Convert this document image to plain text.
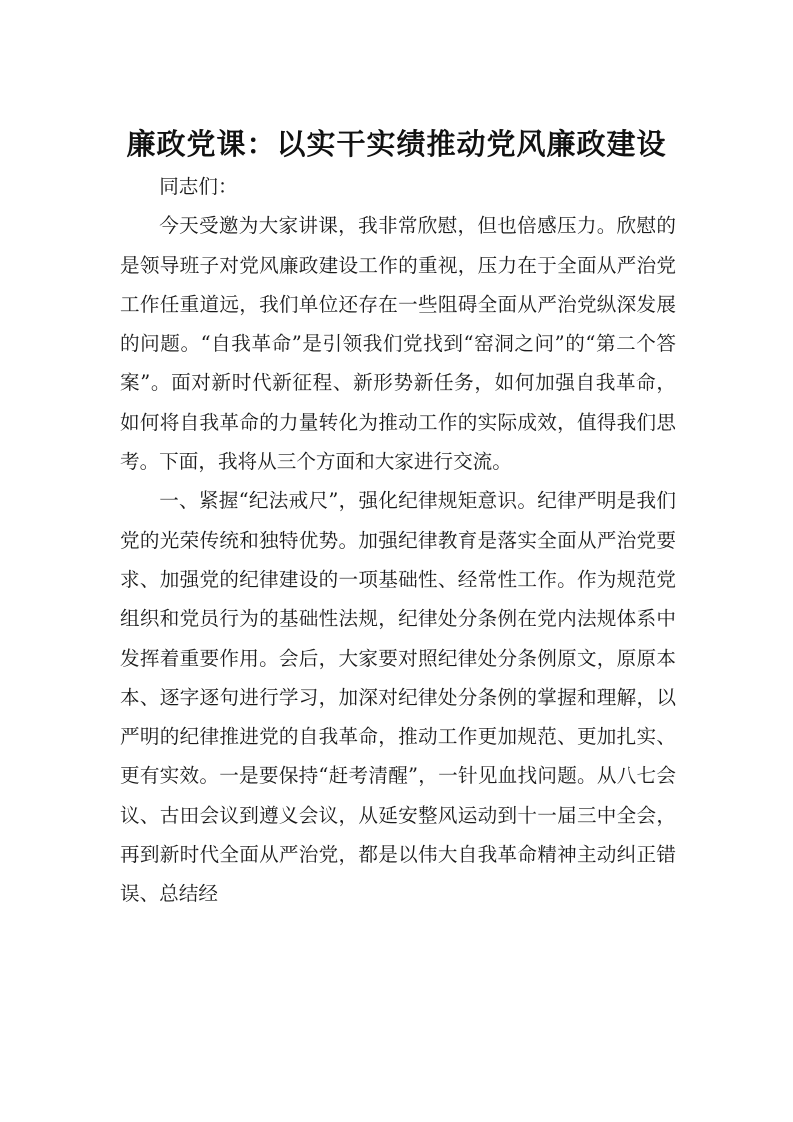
廉政党课：以实干实绩推动党风廉政建设

同志们：

今天受邀为大家讲课，我非常欣慰，但也倍感压力。欣慰的是领导班子对党风廉政建设工作的重视，压力在于全面从严治党工作任重道远，我们单位还存在一些阻碍全面从严治党纵深发展的问题。“自我革命”是引领我们党找到“窑洞之问”的“第二个答案”。面对新时代新征程、新形势新任务，如何加强自我革命，如何将自我革命的力量转化为推动工作的实际成效，值得我们思考。下面，我将从三个方面和大家进行交流。

一、紧握“纪法戒尺”，强化纪律规矩意识。纪律严明是我们党的光荣传统和独特优势。加强纪律教育是落实全面从严治党要求、加强党的纪律建设的一项基础性、经常性工作。作为规范党组织和党员行为的基础性法规，纪律处分条例在党内法规体系中发挥着重要作用。会后，大家要对照纪律处分条例原文，原原本本、逐字逐句进行学习，加深对纪律处分条例的掌握和理解，以严明的纪律推进党的自我革命，推动工作更加规范、更加扎实、更有实效。一是要保持“赶考清醒”，一针见血找问题。从八七会议、古田会议到遵义会议，从延安整风运动到十一届三中全会，再到新时代全面从严治党，都是以伟大自我革命精神主动纠正错误、总结经
